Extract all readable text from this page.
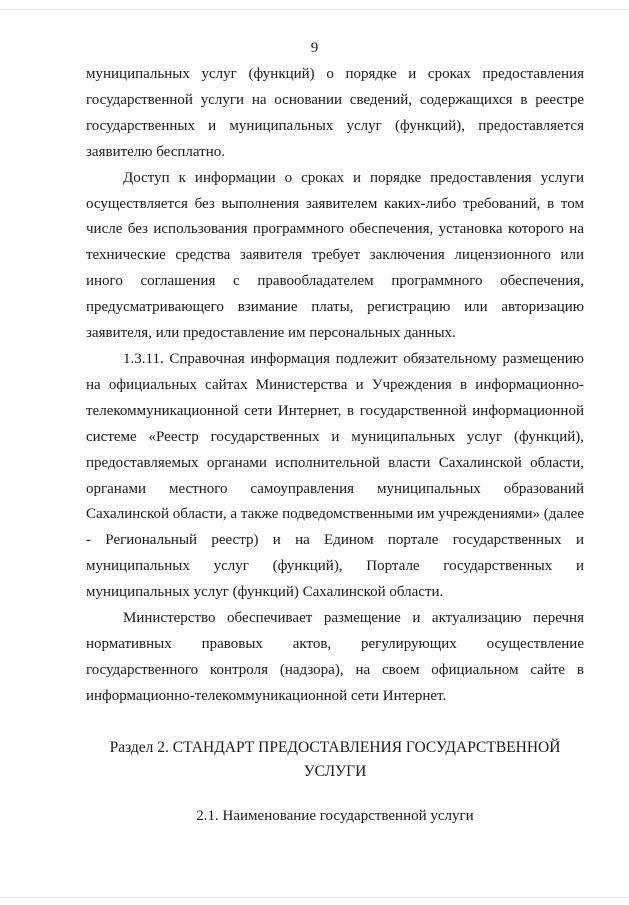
9

муниципальных услуг (функций) о порядке и сроках предоставления государственной услуги на основании сведений, содержащихся в реестре государственных и муниципальных услуг (функций), предоставляется заявителю бесплатно.

Доступ к информации о сроках и порядке предоставления услуги осуществляется без выполнения заявителем каких-либо требований, в том числе без использования программного обеспечения, установка которого на технические средства заявителя требует заключения лицензионного или иного соглашения с правообладателем программного обеспечения, предусматривающего взимание платы, регистрацию или авторизацию заявителя, или предоставление им персональных данных.

1.3.11. Справочная информация подлежит обязательному размещению на официальных сайтах Министерства и Учреждения в информационно-телекоммуникационной сети Интернет, в государственной информационной системе «Реестр государственных и муниципальных услуг (функций), предоставляемых органами исполнительной власти Сахалинской области, органами местного самоуправления муниципальных образований Сахалинской области, а также подведомственными им учреждениями» (далее - Региональный реестр) и на Едином портале государственных и муниципальных услуг (функций), Портале государственных и муниципальных услуг (функций) Сахалинской области.

Министерство обеспечивает размещение и актуализацию перечня нормативных правовых актов, регулирующих осуществление государственного контроля (надзора), на своем официальном сайте в информационно-телекоммуникационной сети Интернет.

Раздел 2. СТАНДАРТ ПРЕДОСТАВЛЕНИЯ ГОСУДАРСТВЕННОЙ УСЛУГИ
2.1. Наименование государственной услуги
